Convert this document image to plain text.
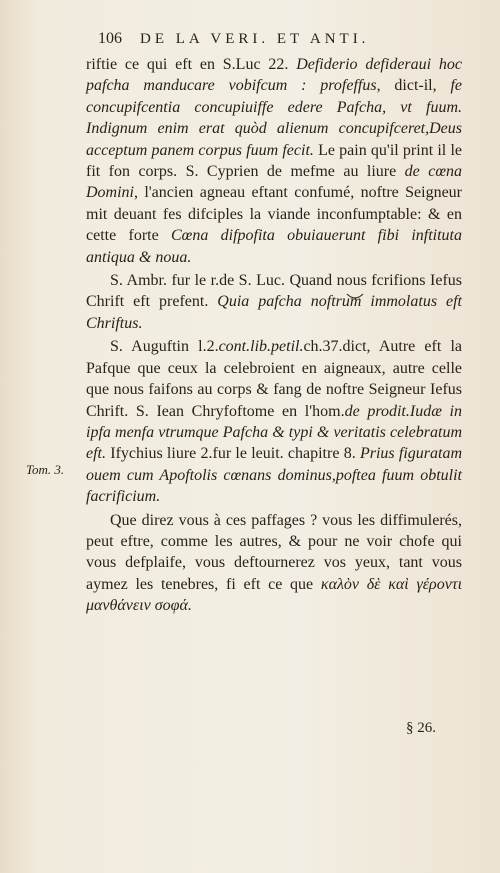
106 DE LA VERI. ET ANTI.

riftie ce qui eft en S.Luc 22. Defiderio defideraui hoc pafcha manducare vobifcum : profeffus, dict-il, fe concupifcentia concupiuiffe edere Pafcha, vt fuum. Indignum enim erat quòd alienum concupifceret,Deus acceptum panem corpus fuum fecit. Le pain qu'il print il le fit fon corps. S. Cyprien de mefme au liure de cœna Domini, l'ancien agneau eftant confumé, noftre Seigneur mit deuant fes difciples la viande inconfumptable: & en cette forte Cœna difpofita obuiauerunt fibi inftituta antiqua & noua.

S. Ambr. fur le r.de S. Luc. Quand nous fcrifions Iefus Chrift eft prefent. Quia pafcha noftrum immolatus eft Chriftus.

S. Auguftin l.2.cont.lib.petil.ch.37.dict, Autre eft la Pafque que ceux la celebroient en aigneaux, autre celle que nous faifons au corps & fang de noftre Seigneur Iefus Chrift. S. Iean Chryfoftome en l'hom.de prodit.Iudæ in ipfa menfa vtrumque Pafcha & typi & veritatis celebratum eft. Ifychius liure 2.fur le leuit. chapitre 8. Prius figuratam ouem cum Apoftolis cœnans dominus,poftea fuum obtulit facrificium.

Que direz vous à ces paffages ? vous les diffimulerés, peut eftre, comme les autres, & pour ne voir chofe qui vous defplaife, vous deftournerez vos yeux, tant vous aymez les tenebres, fi eft ce que καλὸν δὲ καὶ γέροντι μανθάνειν σοφά.

Tom. 3.
§ 26.
